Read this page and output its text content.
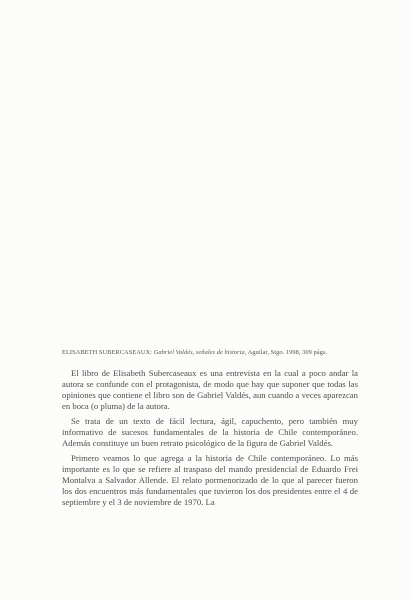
ELISABETH SUBERCASEAUX: Gabriel Valdés, señales de historia, Aguilar, Stgo. 1998, 309 págs.

El libro de Elisabeth Subercaseaux es una entrevista en la cual a poco andar la autora se confunde con el protagonista, de modo que hay que suponer que todas las opiniones que contiene el libro son de Gabriel Valdés, aun cuando a veces aparezcan en boca (o pluma) de la autora.

Se trata de un texto de fácil lectura, ágil, capuchento, pero también muy informativo de sucesos fundamentales de la historia de Chile contemporáneo. Además constituye un buen retrato psicológico de la figura de Gabriel Valdés.

Primero veamos lo que agrega a la historia de Chile contemporáneo. Lo más importante es lo que se refiere al traspaso del mando presidencial de Eduardo Frei Montalva a Salvador Allende. El relato pormenorizado de lo que al parecer fueron los dos encuentros más fundamentales que tuvieron los dos presidentes entre el 4 de septiembre y el 3 de noviembre de 1970. La
